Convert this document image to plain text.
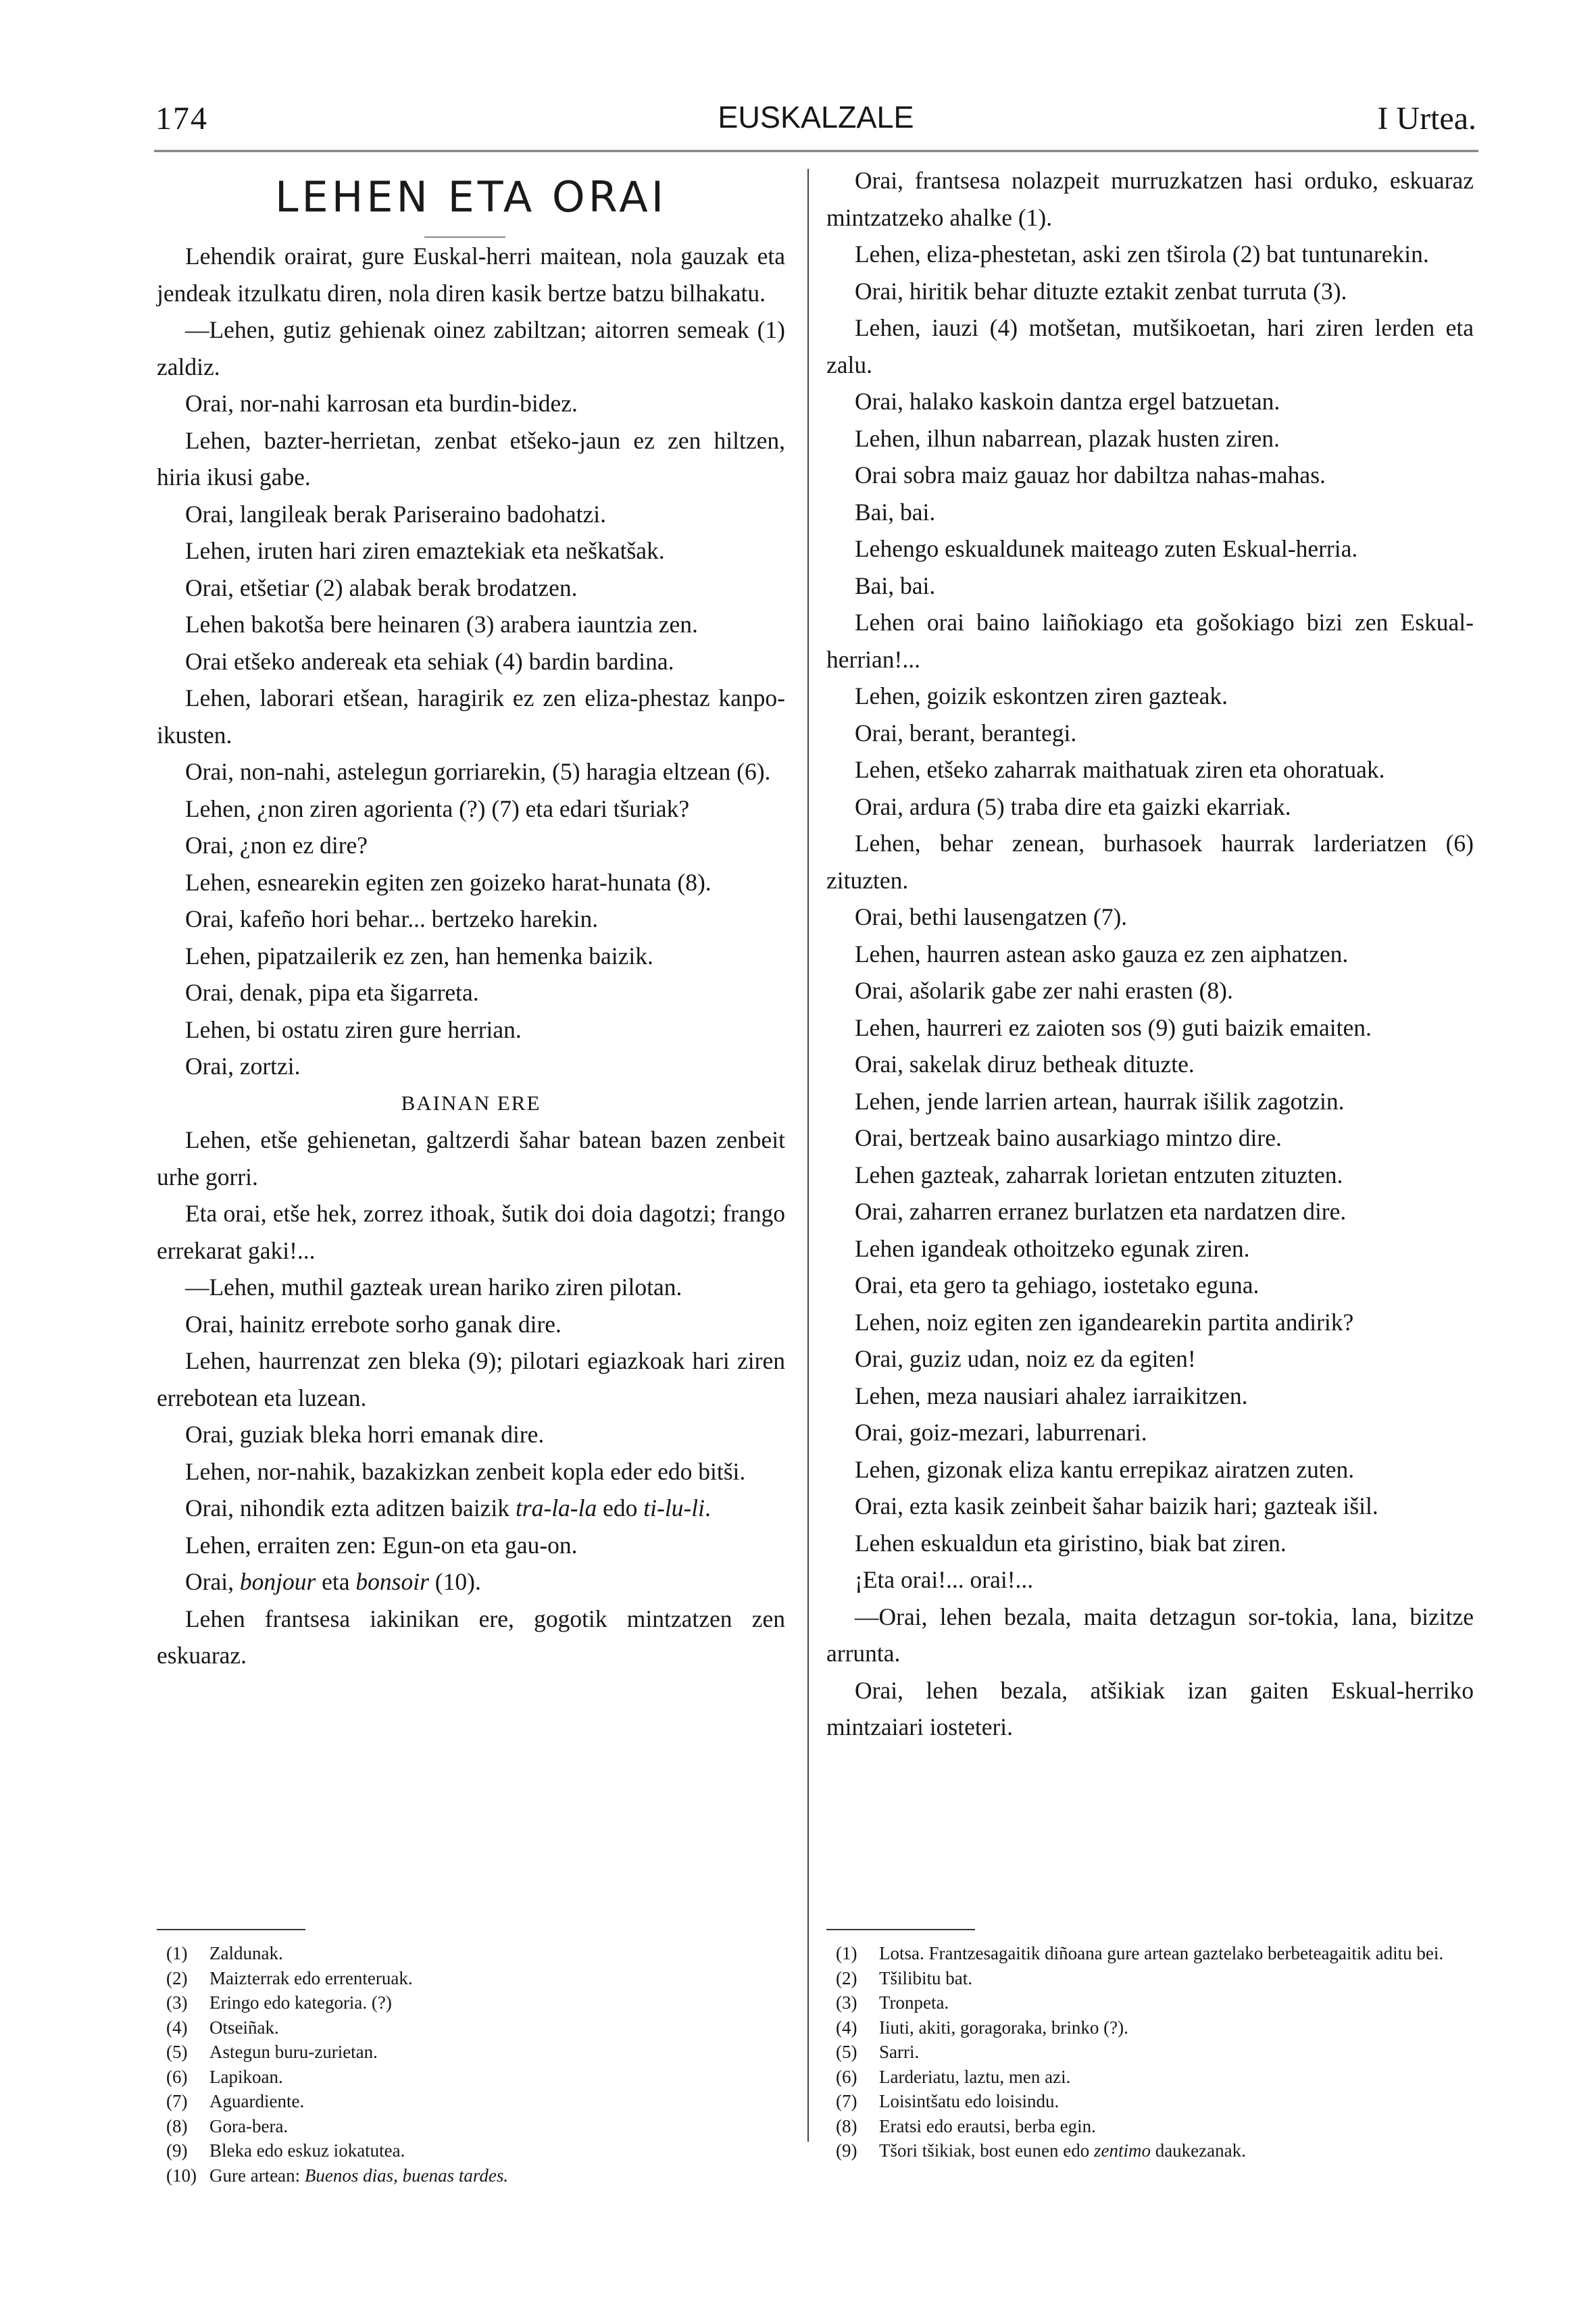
174	EUSKALZALE	I Urtea.
LEHEN ETA ORAI

Lehendik orairat, gure Euskal-herri maitean, nola gauzak eta jendeak itzulkatu diren, nola diren kasik bertze batzu bilhakatu.

—Lehen, gutiz gehienak oinez zabiltzan; aitorren semeak (1) zaldiz.

Orai, nor-nahi karrosan eta burdin-bidez.

Lehen, bazter-herrietan, zenbat etšeko-jaun ez zen hiltzen, hiria ikusi gabe.

Orai, langileak berak Pariseraino badohatzi.

Lehen, iruten hari ziren emaztekiak eta neškatšak.

Orai, etšetiar (2) alabak berak brodatzen.

Lehen bakotša bere heinaren (3) arabera iauntzia zen.

Orai etšeko andereak eta sehiak (4) bardin bardina.

Lehen, laborari etšean, haragirik ez zen eliza-phestaz kanpo-ikusten.

Orai, non-nahi, astelegun gorriarekin, (5) haragia eltzean (6).

Lehen, ¿non ziren agorienta (?) (7) eta edari tšuriak?

Orai, ¿non ez dire?

Lehen, esnearekin egiten zen goizeko harat-hunata (8).

Orai, kafeño hori behar... bertzeko harekin.

Lehen, pipatzailerik ez zen, han hemenka baizik.

Orai, denak, pipa eta šigarreta.

Lehen, bi ostatu ziren gure herrian.

Orai, zortzi.

BAINAN ERE

Lehen, etše gehienetan, galtzerdi šahar batean bazen zenbeit urhe gorri.

Eta orai, etše hek, zorrez ithoak, šutik doi doia dagotzi; frango errekarat gaki!...

—Lehen, muthil gazteak urean hariko ziren pilotan.

Orai, hainitz errebote sorho ganak dire.

Lehen, haurrenzat zen bleka (9); pilotari egiazkoak hari ziren errebotean eta luzean.

Orai, guziak bleka horri emanak dire.

Lehen, nor-nahik, bazakizkan zenbeit kopla eder edo bitši.

Orai, nihondik ezta aditzen baizik tra-la-la edo ti-lu-li.

Lehen, erraiten zen: Egun-on eta gau-on.

Orai, bonjour eta bonsoir (10).

Lehen frantsesa iakinikan ere, gogotik mintzatzen zen eskuaraz.

Orai, frantsesa nolazpeit murruzkatzen hasi orduko, eskuaraz mintzatzeko ahalke (1).

Lehen, eliza-phestetan, aski zen tširola (2) bat tuntunarekin.

Orai, hiritik behar dituzte eztakit zenbat turruta (3).

Lehen, iauzi (4) motšetan, mutšikoetan, hari ziren lerden eta zalu.

Orai, halako kaskoin dantza ergel batzuetan.

Lehen, ilhun nabarrean, plazak husten ziren.

Orai sobra maiz gauaz hor dabiltza nahas-mahas.

Bai, bai.

Lehengo eskualdunek maiteago zuten Eskual-herria.

Bai, bai.

Lehen orai baino laiñokiago eta gošokiago bizi zen Eskual-herrian!...

Lehen, goizik eskontzen ziren gazteak.

Orai, berant, berantegi.

Lehen, etšeko zaharrak maithatuak ziren eta ohoratuak.

Orai, ardura (5) traba dire eta gaizki ekarriak.

Lehen, behar zenean, burhasoek haurrak larderiatzen (6) zituzten.

Orai, bethi lausengatzen (7).

Lehen, haurren astean asko gauza ez zen aiphatzen.

Orai, ašolarik gabe zer nahi erasten (8).

Lehen, haurreri ez zaioten sos (9) guti baizik emaiten.

Orai, sakelak diruz betheak dituzte.

Lehen, jende larrien artean, haurrak išilik zagotzin.

Orai, bertzeak baino ausarkiago mintzo dire.

Lehen gazteak, zaharrak lorietan entzuten zituzten.

Orai, zaharren erranez burlatzen eta nardatzen dire.

Lehen igandeak othoitzeko egunak ziren.

Orai, eta gero ta gehiago, iostetako eguna.

Lehen, noiz egiten zen igandearekin partita andirik?

Orai, guziz udan, noiz ez da egiten!

Lehen, meza nausiari ahalez iarraikitzen.

Orai, goiz-mezari, laburrenari.

Lehen, gizonak eliza kantu errepikaz airatzen zuten.

Orai, ezta kasik zeinbeit šahar baizik hari; gazteak išil.

Lehen eskualdun eta giristino, biak bat ziren.

¡Eta orai!... orai!...

—Orai, lehen bezala, maita detzagun sor-tokia, lana, bizitze arrunta.

Orai, lehen bezala, atšikiak izan gaiten Eskual-herriko mintzaiari iosteteri.

(1) Zaldunak.
(2) Maizterrak edo errenteruak.
(3) Eringo edo kategoria. (?)
(4) Otseiñak.
(5) Astegun buru-zurietan.
(6) Lapikoan.
(7) Aguardiente.
(8) Gora-bera.
(9) Bleka edo eskuz iokatutea.
(10) Gure artean: Buenos dias, buenas tardes.
(1) Lotsa. Frantzesagaitik diñoana gure artean gaztelako berbeteagaitik aditu bei.
(2) Tšilibitu bat.
(3) Tronpeta.
(4) Iiuti, akiti, goragoraka, brinko (?).
(5) Sarri.
(6) Larderiatu, laztu, men azi.
(7) Loisintšatu edo loisindu.
(8) Eratsi edo erautsi, berba egin.
(9) Tšori tšikiak, bost eunen edo zentimo daukezanak.
